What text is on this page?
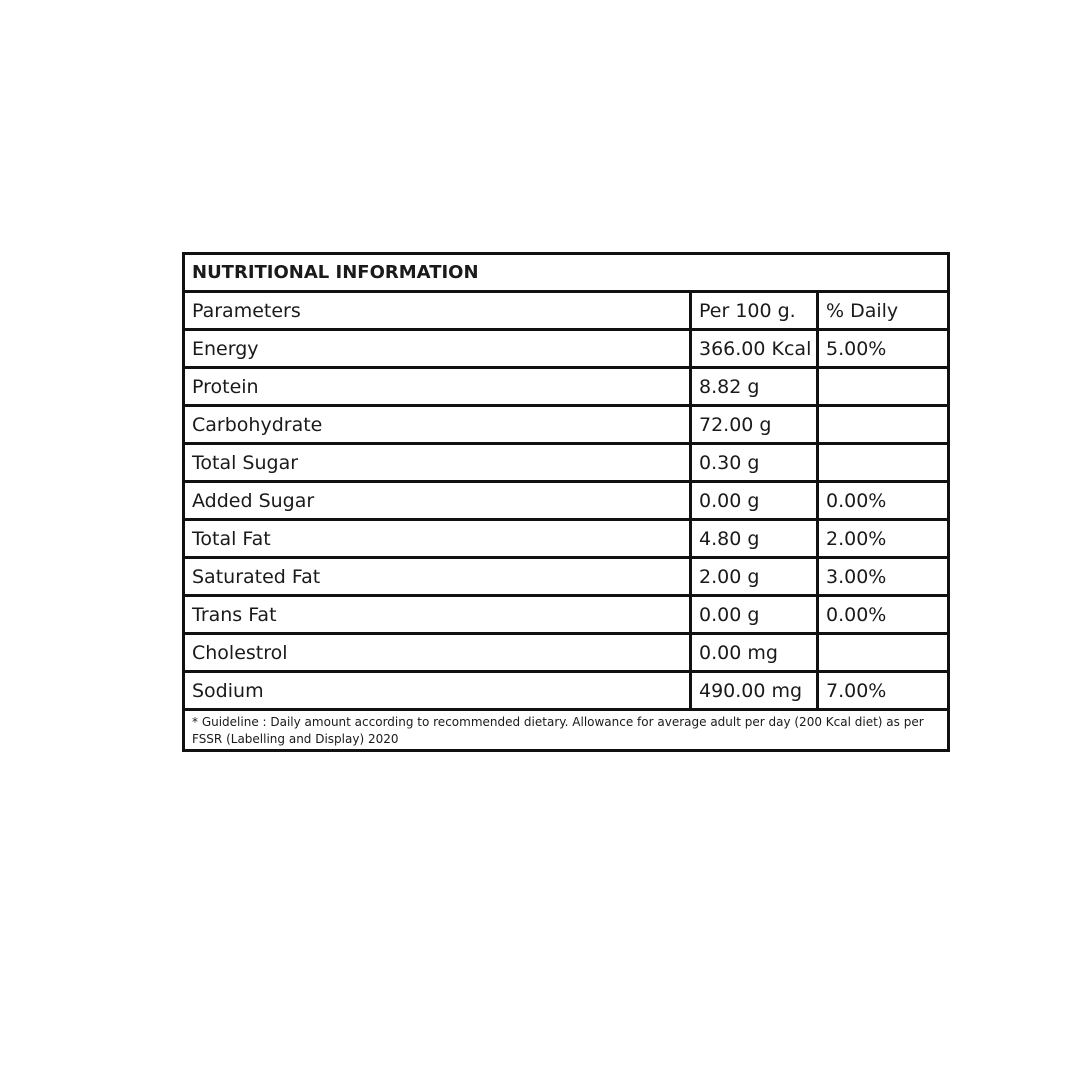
NUTRITIONAL INFORMATION		
Parameters	Per 100 g.	% Daily
Energy	366.00 Kcal	5.00%
Protein	8.82 g	
Carbohydrate	72.00 g	
Total Sugar	0.30 g	
Added Sugar	0.00 g	0.00%
Total Fat	4.80 g	2.00%
Saturated Fat	2.00 g	3.00%
Trans Fat	0.00 g	0.00%
Cholestrol	0.00 mg	
Sodium	490.00 mg	7.00%
* Guideline : Daily amount according to recommended dietary. Allowance for average adult per day (200 Kcal diet) as per FSSR (Labelling and Display) 2020		
